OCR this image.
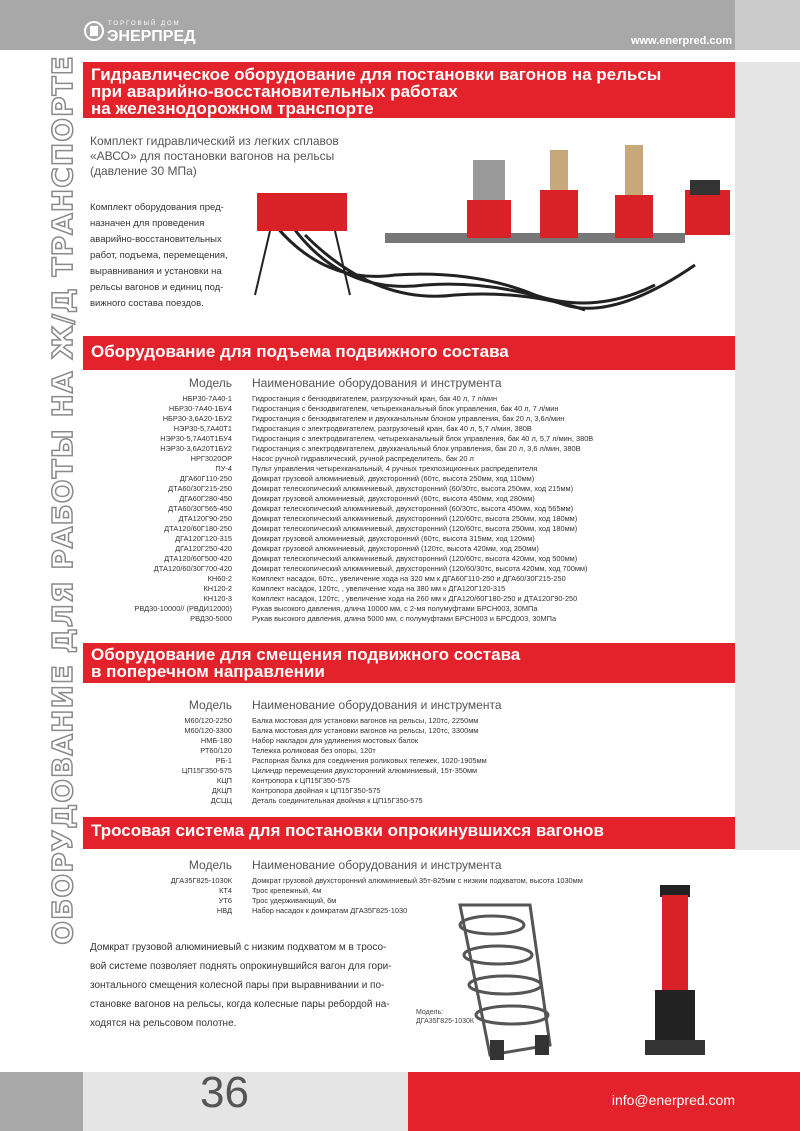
ТОРГОВЫЙ ДОМ
ЭНЕРПРЕД	www.enerpred.com
ОБОРУДОВАНИЕ ДЛЯ РАБОТЫ НА Ж/Д ТРАНСПОРТЕ Гидравлическое оборудование для постановки вагонов на рельсы
при аварийно-восстановительных работах
на железнодорожном транспорте
Комплект гидравлический из легких сплавов
«АВСО» для постановки вагонов на рельсы
(давление 30 МПа)
Комплект оборудования пред-
назначен для проведения
аварийно-восстановительных
работ, подъема, перемещения,
выравнивания и установки на
рельсы вагонов и единиц под-
вижного состава поездов.
Оборудование для подъема подвижного состава
Модель Наименование оборудования и инструмента
НБР30-7А40-1	Гидростанция с бензодвигателем, разгрузочный кран, бак 40 л, 7 л/мин
НБР30-7А40-1БУ4	Гидростанция с бензодвигателем, четырехканальный блок управления, бак 40 л, 7 л/мин
НБР30-3,6А20-1БУ2	Гидростанция с бензодвигателем и двухканальным блоком управления, бак 20 л, 3,6л/мин
НЭР30-5,7А40Т1	Гидростанция с электродвигателем, разгрузочный кран, бак 40 л, 5,7 л/мин, 380В
НЭР30-5,7А40Т1БУ4	Гидростанция с электродвигателем, четырехканальный блок управления, бак 40 л, 5,7 л/мин, 380В
НЭР30-3,6А20Т1БУ2	Гидростанция с электродвигателем, двухканальный блок управления, бак 20 л, 3,6 л/мин, 380В
НРГ3020ОР	Насос ручной гидравлический, ручной распределитель, бак 20 л
ПУ-4	Пульт управления четырехканальный, 4 ручных трехпозиционных распределителя
ДГА60Г110-250	Домкрат грузовой алюминиевый, двухсторонний (60тс, высота 250мм, ход 110мм)
ДТА60/30Г215-250	Домкрат телескопический алюминиевый, двухсторонний (60/30тс, высота 250мм, ход 215мм)
ДГА60Г280-450	Домкрат грузовой алюминиевый, двухсторонний (60тс, высота 450мм, ход 280мм)
ДТА60/30Г565-450	Домкрат телескопический алюминиевый, двухсторонний (60/30тс, высота 450мм, ход 565мм)
ДТА120Г90-250	Домкрат телескопический алюминиевый, двухсторонний (120/60тс, высота 250мм, ход 180мм)
ДТА120/60Г180-250	Домкрат телескопический алюминиевый, двухсторонний (120/60тс, высота 250мм, ход 180мм)
ДГА120Г120-315	Домкрат грузовой алюминиевый, двухсторонний (60тс, высота 315мм, ход 120мм)
ДГА120Г250-420	Домкрат грузовой алюминиевый, двухсторонний (120тс, высота 420мм, ход 250мм)
ДТА120/60Г500-420	Домкрат телескопический алюминиевый, двухсторонний (120/60тс, высота 420мм, ход 500мм)
ДТА120/60/30Г700-420	Домкрат телескопический алюминиевый, двухсторонний (120/60/30тс, высота 420мм, ход 700мм)
КН60-2	Комплект насадок, 60тс., увеличение хода на 320 мм к ДГА60Г110-250 и ДГА60/30Г215-250
КН120-2	Комплект насадок, 120тс, , увеличение хода на 380 мм к ДГА120Г120-315
КН120-3	Комплект насадок, 120тс, , увеличение хода на 260 мм к ДГА120/60Г180-250 и ДТА120Г90-250
РВД30-10000// (РВДИ12000)	Рукав высокого давления, длина 10000 мм, с 2-мя полумуфтами БРСН003, 30МПа
РВД30-5000	Рукав высокого давления, длина 5000 мм, с полумуфтами БРСН003 и БРСД003, 30МПа
Оборудование для смещения подвижного состава
в поперечном направлении
Модель Наименование оборудования и инструмента
М60/120-2250	Балка мостовая для установки вагонов на рельсы, 120тс, 2250мм
М60/120-3300	Балка мостовая для установки вагонов на рельсы, 120тс, 3300мм
НМБ-180	Набор накладок для удлинения мостовых балок
РТ60/120	Тележка роликовая без опоры, 120т
РБ-1	Распорная балка для соединения роликовых тележек, 1020-1905мм
ЦП15Г350-575	Цилиндр перемещения двухсторонний алюминиевый, 15т-350мм
КЦП	Контропора к ЦП15Г350-575
ДКЦП	Контропора двойная к ЦП15Г350-575
ДСЦЦ	Деталь соединительная двойная к ЦП15Г350-575
Тросовая система для постановки опрокинувшихся вагонов
Модель Наименование оборудования и инструмента
ДГА35Г825-1030К	Домкрат грузовой двухсторонний алюминиевый 35т-825мм с низким подхватом, высота 1030мм
КТ4	Трос крепежный, 4м
УТ6	Трос удерживающий, 6м
НВД	Набор насадок к домкратам ДГА35Г825-1030
Домкрат грузовой алюминиевый с низким подхватом м в тросо-
вой системе позволяет поднять опрокинувшийся вагон для гори-
зонтального смещения колесной пары при выравнивании и по-
становке вагонов на рельсы, когда колесные пары ребордой на-
ходятся на рельсовом полотне.
Модель:
ДГА35Г825-1030К
36	info@enerpred.com
